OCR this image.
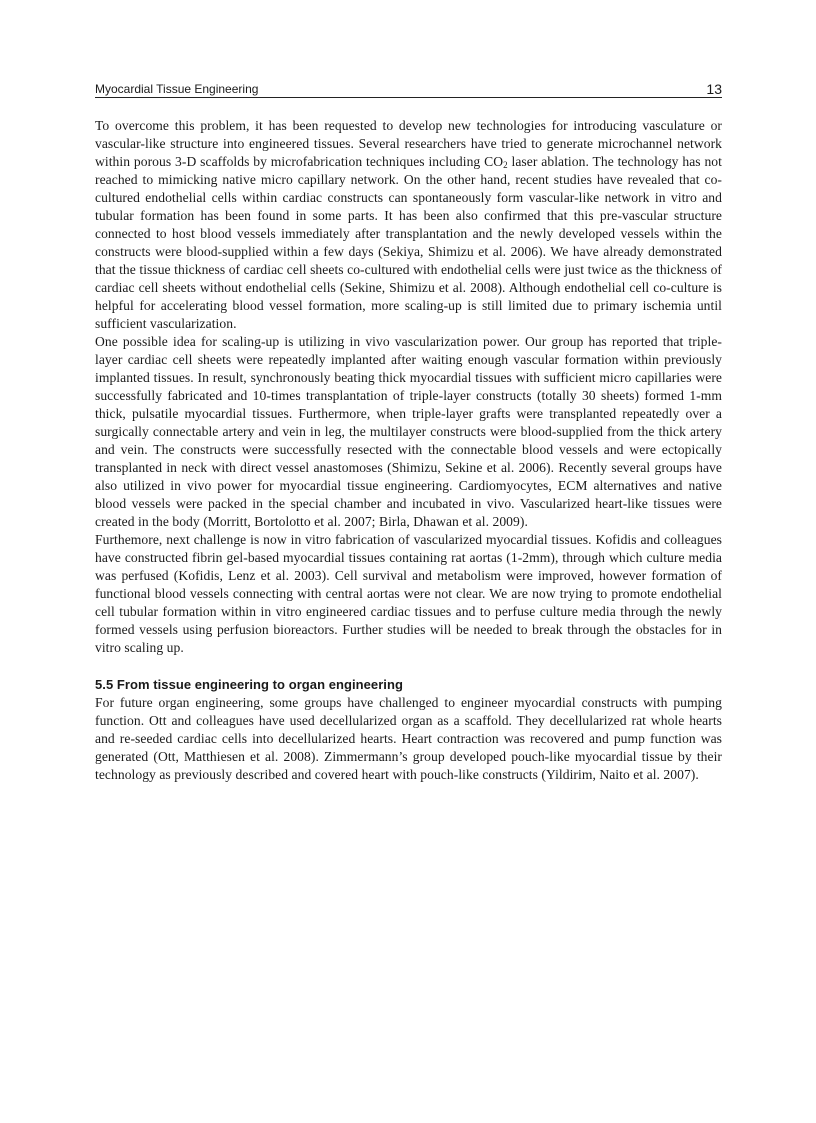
Myocardial Tissue Engineering	13

To overcome this problem, it has been requested to develop new technologies for introducing vasculature or vascular-like structure into engineered tissues. Several researchers have tried to generate microchannel network within porous 3-D scaffolds by microfabrication techniques including $CO_2$ laser ablation. The technology has not reached to mimicking native micro capillary network. On the other hand, recent studies have revealed that co-cultured endothelial cells within cardiac constructs can spontaneously form vascular-like network in vitro and tubular formation has been found in some parts. It has been also confirmed that this pre-vascular structure connected to host blood vessels immediately after transplantation and the newly developed vessels within the constructs were blood-supplied within a few days (Sekiya, Shimizu et al. 2006). We have already demonstrated that the tissue thickness of cardiac cell sheets co-cultured with endothelial cells were just twice as the thickness of cardiac cell sheets without endothelial cells (Sekine, Shimizu et al. 2008). Although endothelial cell co-culture is helpful for accelerating blood vessel formation, more scaling-up is still limited due to primary ischemia until sufficient vascularization.

One possible idea for scaling-up is utilizing in vivo vascularization power. Our group has reported that triple-layer cardiac cell sheets were repeatedly implanted after waiting enough vascular formation within previously implanted tissues. In result, synchronously beating thick myocardial tissues with sufficient micro capillaries were successfully fabricated and 10-times transplantation of triple-layer constructs (totally 30 sheets) formed 1-mm thick, pulsatile myocardial tissues. Furthermore, when triple-layer grafts were transplanted repeatedly over a surgically connectable artery and vein in leg, the multilayer constructs were blood-supplied from the thick artery and vein. The constructs were successfully resected with the connectable blood vessels and were ectopically transplanted in neck with direct vessel anastomoses (Shimizu, Sekine et al. 2006). Recently several groups have also utilized in vivo power for myocardial tissue engineering. Cardiomyocytes, ECM alternatives and native blood vessels were packed in the special chamber and incubated in vivo. Vascularized heart-like tissues were created in the body (Morritt, Bortolotto et al. 2007; Birla, Dhawan et al. 2009).

Furthemore, next challenge is now in vitro fabrication of vascularized myocardial tissues. Kofidis and colleagues have constructed fibrin gel-based myocardial tissues containing rat aortas (1-2mm), through which culture media was perfused (Kofidis, Lenz et al. 2003). Cell survival and metabolism were improved, however formation of functional blood vessels connecting with central aortas were not clear. We are now trying to promote endothelial cell tubular formation within in vitro engineered cardiac tissues and to perfuse culture media through the newly formed vessels using perfusion bioreactors. Further studies will be needed to break through the obstacles for in vitro scaling up.

5.5 From tissue engineering to organ engineering

For future organ engineering, some groups have challenged to engineer myocardial constructs with pumping function. Ott and colleagues have used decellularized organ as a scaffold. They decellularized rat whole hearts and re-seeded cardiac cells into decellularized hearts. Heart contraction was recovered and pump function was generated (Ott, Matthiesen et al. 2008). Zimmermann’s group developed pouch-like myocardial tissue by their technology as previously described and covered heart with pouch-like constructs (Yildirim, Naito et al. 2007).
